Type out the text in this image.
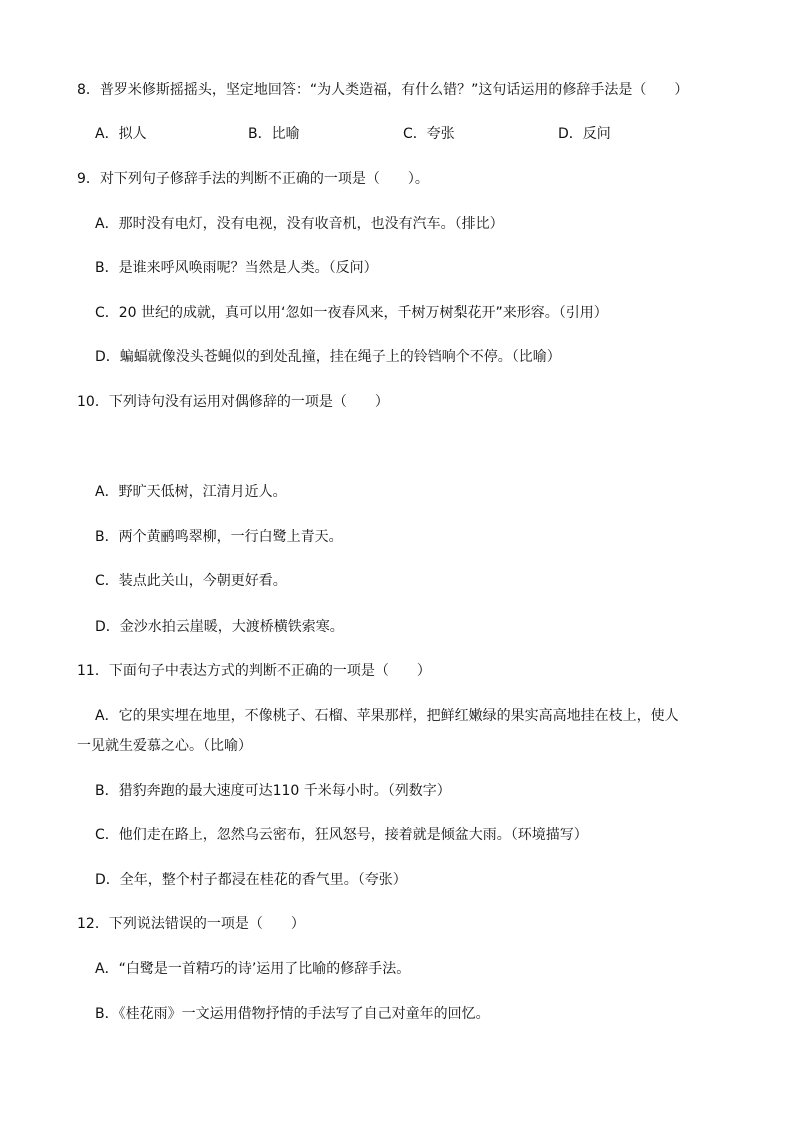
8．普罗米修斯摇摇头，坚定地回答：“为人类造福，有什么错？”这句话运用的修辞手法是（　　）
A．拟人	B．比喻	C．夸张	D．反问
9．对下列句子修辞手法的判断不正确的一项是（　　）。
A．那时没有电灯，没有电视，没有收音机，也没有汽车。（排比）
B．是谁来呼风唤雨呢？当然是人类。（反问）
C．20 世纪的成就，真可以用‘忽如一夜春风来，千树万树梨花开”来形容。（引用）
D．蝙蝠就像没头苍蝇似的到处乱撞，挂在绳子上的铃铛响个不停。（比喻）
10．下列诗句没有运用对偶修辞的一项是（　　）
A．野旷天低树，江清月近人。
B．两个黄鹂鸣翠柳，一行白鹭上青天。
C．装点此关山，今朝更好看。
D．金沙水拍云崖暖，大渡桥横铁索寒。
11．下面句子中表达方式的判断不正确的一项是（　　）
A．它的果实埋在地里，不像桃子、石榴、苹果那样，把鲜红嫩绿的果实高高地挂在枝上，使人
一见就生爱慕之心。（比喻）
B．猎豹奔跑的最大速度可达110 千米每小时。（列数字）
C．他们走在路上，忽然乌云密布，狂风怒号，接着就是倾盆大雨。（环境描写）
D．全年，整个村子都浸在桂花的香气里。（夸张）
12．下列说法错误的一项是（　　）
A．“白鹭是一首精巧的诗’运用了比喻的修辞手法。
B．《桂花雨》一文运用借物抒情的手法写了自己对童年的回忆。
